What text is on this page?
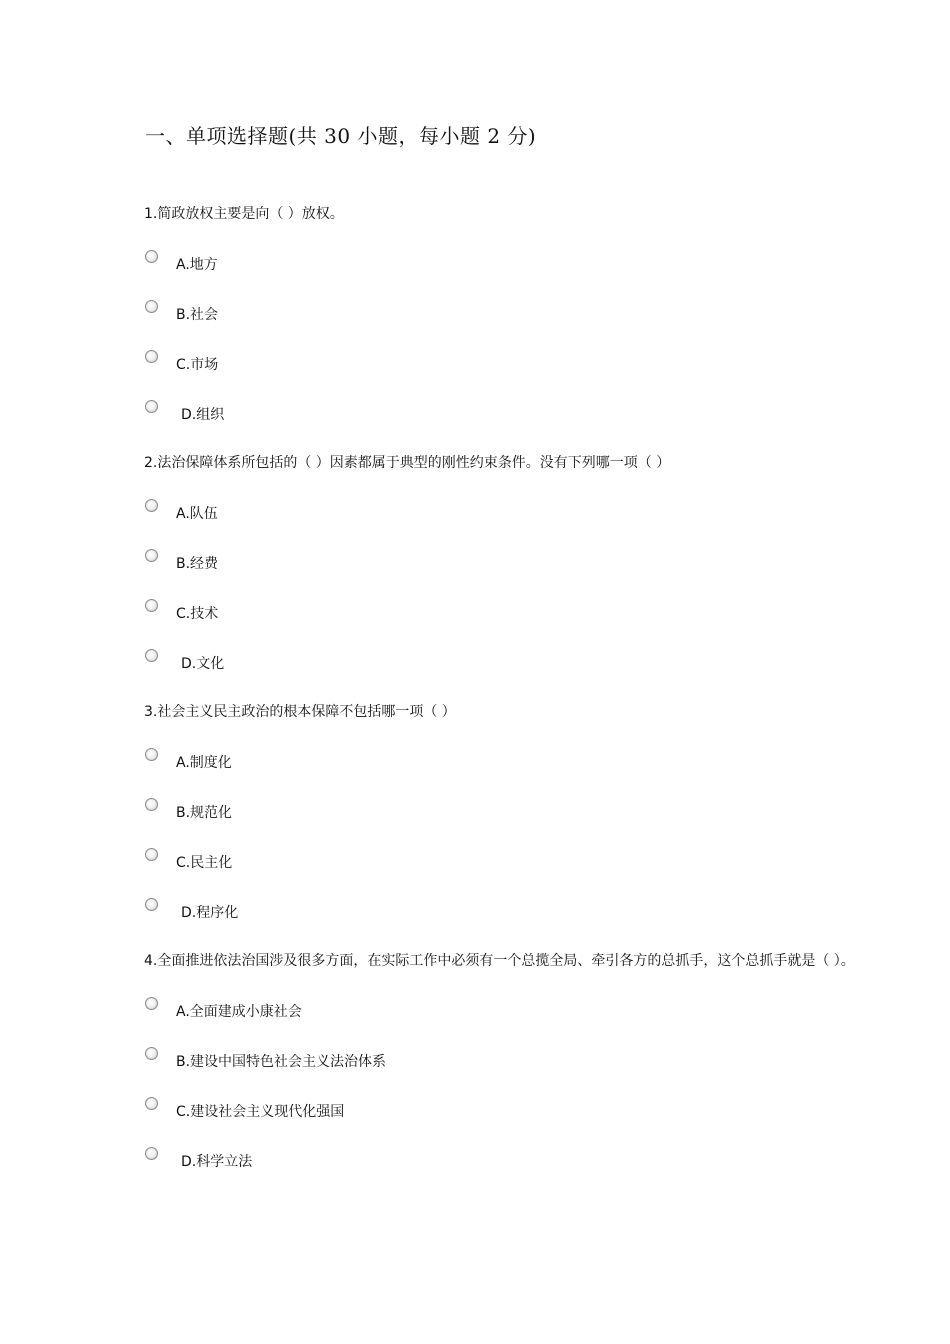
一、单项选择题(共 30 小题，每小题 2 分)
1.简政放权主要是向（ ）放权。
A.地方
B.社会
C.市场
D.组织
2.法治保障体系所包括的（ ）因素都属于典型的刚性约束条件。没有下列哪一项（ ）
A.队伍
B.经费
C.技术
D.文化
3.社会主义民主政治的根本保障不包括哪一项（ ）
A.制度化
B.规范化
C.民主化
D.程序化
4.全面推进依法治国涉及很多方面，在实际工作中必须有一个总揽全局、牵引各方的总抓手，这个总抓手就是（ ）。
A.全面建成小康社会
B.建设中国特色社会主义法治体系
C.建设社会主义现代化强国
D.科学立法
